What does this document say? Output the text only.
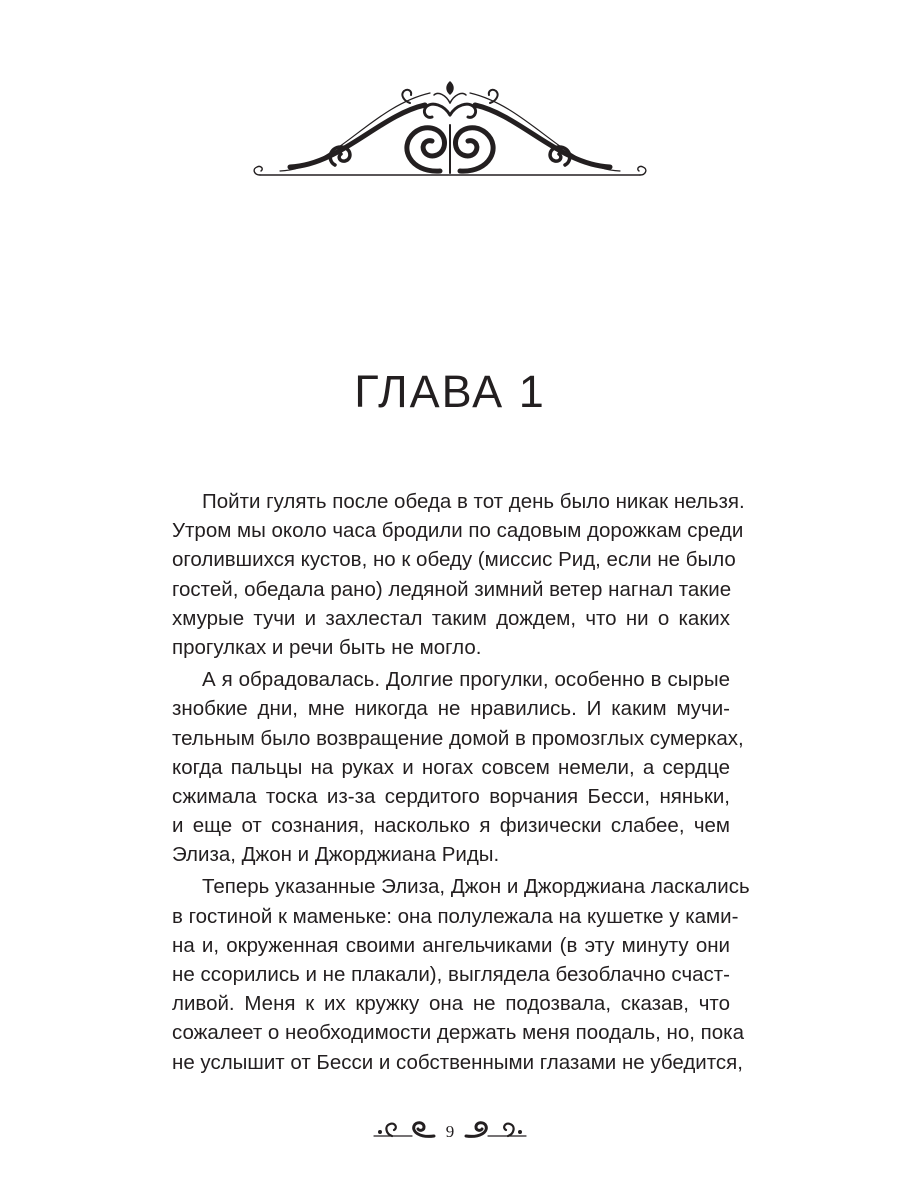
ГЛАВА 1
Пойти гулять после обеда в тот день было никак нельзя.
Утром мы около часа бродили по садовым дорожкам среди
оголившихся кустов, но к обеду (миссис Рид, если не было
гостей, обедала рано) ледяной зимний ветер нагнал такие
хмурые тучи и захлестал таким дождем, что ни о каких
прогулках и речи быть не могло.
А я обрадовалась. Долгие прогулки, особенно в сырые
знобкие дни, мне никогда не нравились. И каким мучи-
тельным было возвращение домой в промозглых сумерках,
когда пальцы на руках и ногах совсем немели, а сердце
сжимала тоска из-за сердитого ворчания Бесси, няньки,
и еще от сознания, насколько я физически слабее, чем
Элиза, Джон и Джорджиана Риды.
Теперь указанные Элиза, Джон и Джорджиана ласкались
в гостиной к маменьке: она полулежала на кушетке у ками-
на и, окруженная своими ангельчиками (в эту минуту они
не ссорились и не плакали), выглядела безоблачно счаст-
ливой. Меня к их кружку она не подозвала, сказав, что
сожалеет о необходимости держать меня поодаль, но, пока
не услышит от Бесси и собственными глазами не убедится,
9
